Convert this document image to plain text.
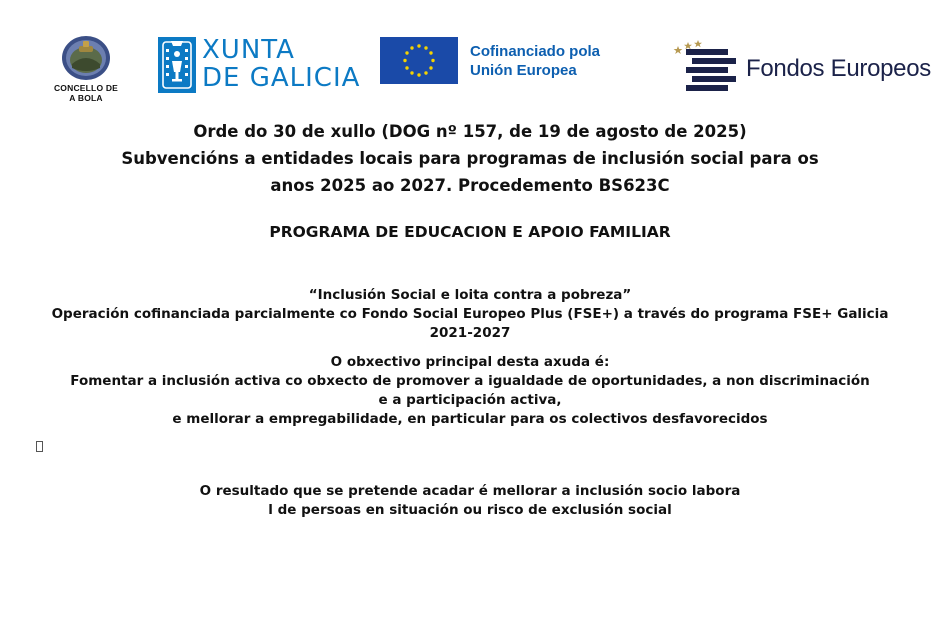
CONCELLO DE
A BOLA
XUNTA
DE GALICIA
Cofinanciado pola
Unión Europea	Fondos Europeos
Orde do 30 de xullo (DOG nº 157, de 19 de agosto de 2025)
Subvencións a entidades locais para programas de inclusión social para os
anos 2025 ao 2027. Procedemento BS623C
PROGRAMA DE EDUCACION E APOIO FAMILIAR

“Inclusión Social e loita contra a pobreza”

Operación cofinanciada parcialmente co Fondo Social Europeo Plus (FSE+) a través do programa FSE+ Galicia

2021-2027

O obxectivo principal desta axuda é:

Fomentar a inclusión activa co obxecto de promover a igualdade de oportunidades, a non discriminación

e a participación activa,

e mellorar a empregabilidade, en particular para os colectivos desfavorecidos

O resultado que se pretende acadar é mellorar a inclusión socio labora
l de persoas en situación ou risco de exclusión social
